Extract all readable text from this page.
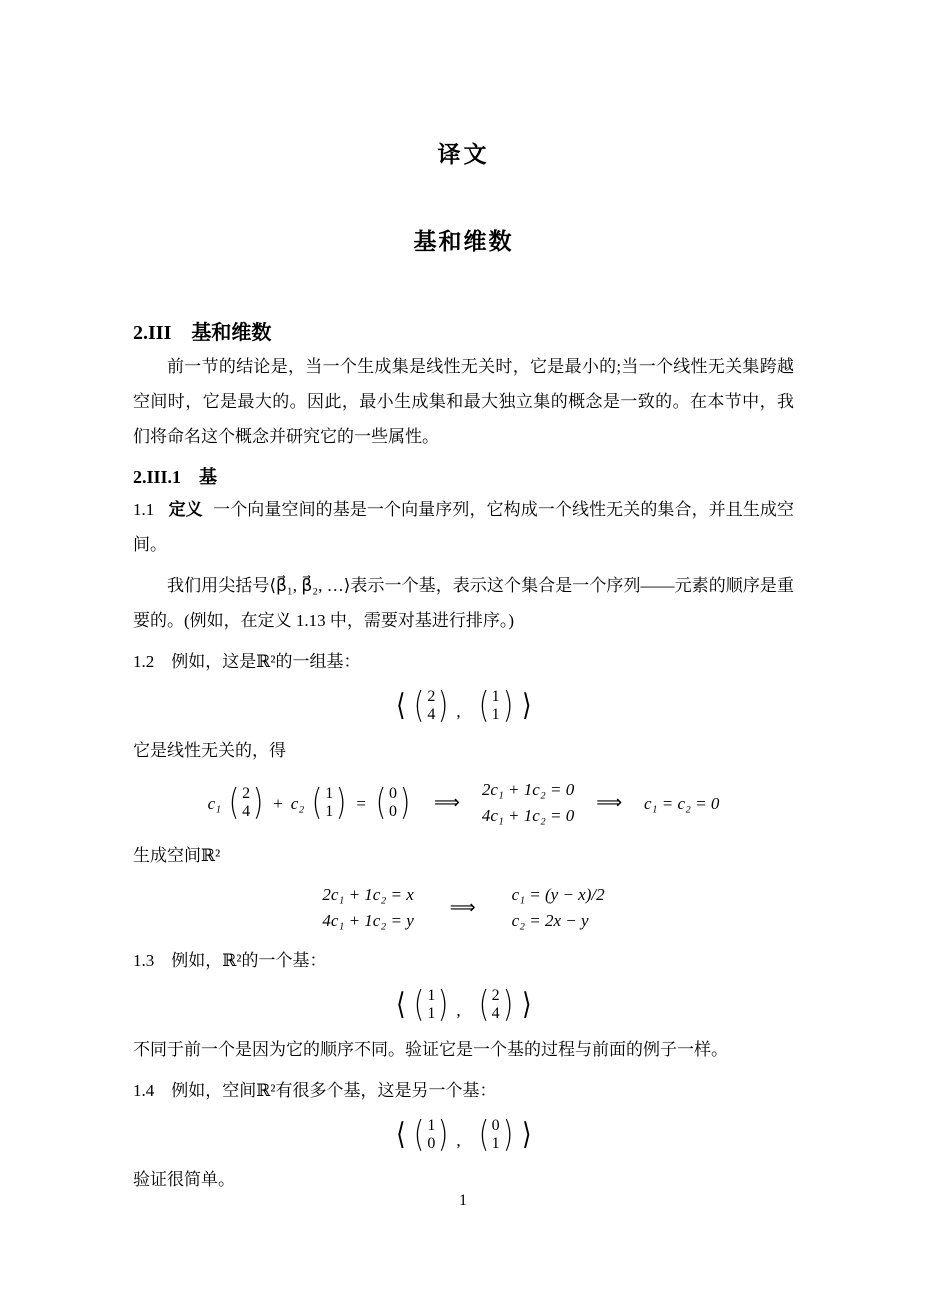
译文
基和维数
2.III　基和维数

前一节的结论是，当一个生成集是线性无关时，它是最小的;当一个线性无关集跨越空间时，它是最大的。因此，最小生成集和最大独立集的概念是一致的。在本节中，我们将命名这个概念并研究它的一些属性。

2.III.1　基

1.1 定义 一个向量空间的基是一个向量序列，它构成一个线性无关的集合，并且生成空间。

我们用尖括号⟨β⃗₁, β⃗₂, …⟩表示一个基，表示这个集合是一个序列——元素的顺序是重要的。(例如，在定义 1.13 中，需要对基进行排序。)

1.2　例如，这是ℝ²的一组基：

⟨ ( 2
4 ) , ( 1
1 ) ⟩

它是线性无关的，得

c₁ ( 2
4 ) + c₂ ( 1
1 ) = ( 0
0 ) ⟹
2c₁ + 1c₂ = 0
4c₁ + 1c₂ = 0
⟹ c₁ = c₂ = 0

生成空间ℝ²

2c₁ + 1c₂ = x
4c₁ + 1c₂ = y
⟹
c₁ = (y − x)/2
c₂ = 2x − y

1.3　例如，ℝ²的一个基：

⟨ ( 1
1 ) , ( 2
4 ) ⟩

不同于前一个是因为它的顺序不同。验证它是一个基的过程与前面的例子一样。

1.4　例如，空间ℝ²有很多个基，这是另一个基：

⟨ ( 1
0 ) , ( 0
1 ) ⟩

验证很简单。

1
